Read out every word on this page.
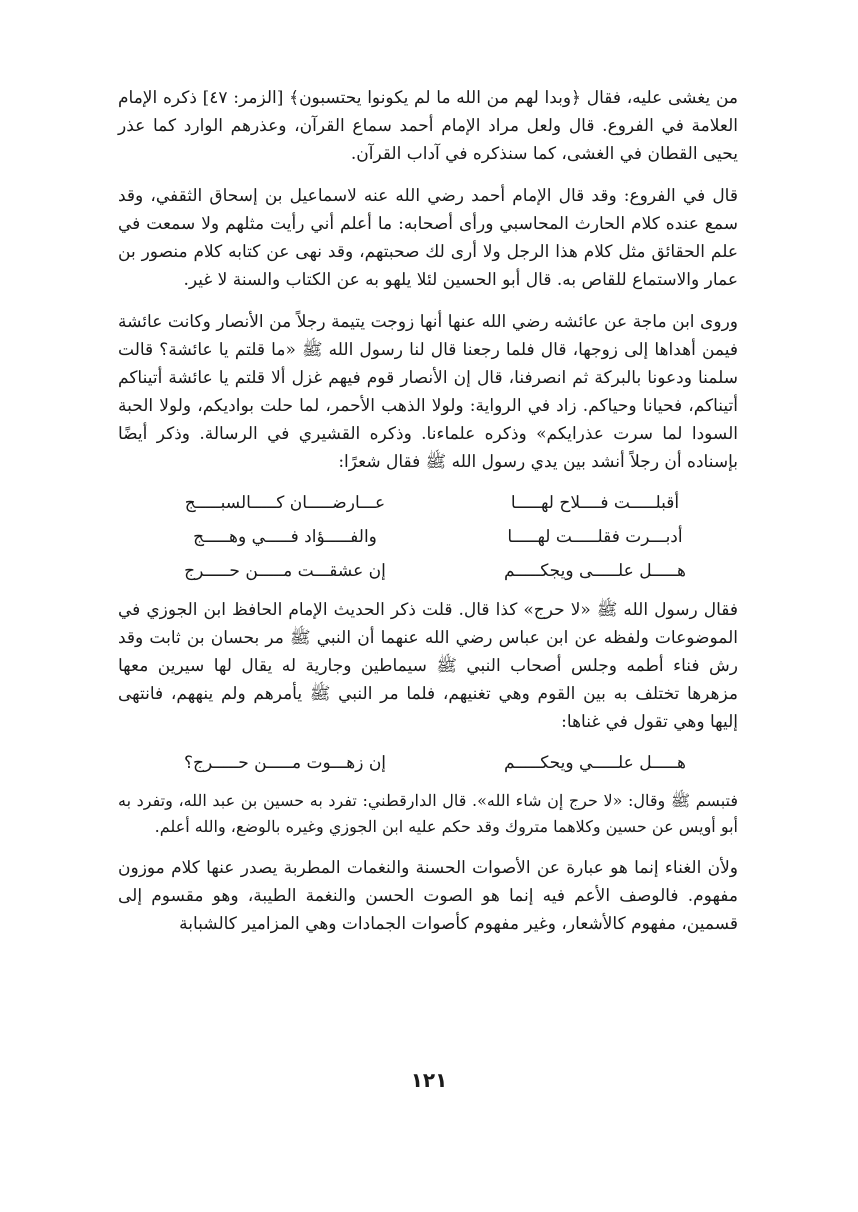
من يغشى عليه، فقال ﴿وبدا لهم من الله ما لم يكونوا يحتسبون﴾ [الزمر: ٤٧] ذكره الإمام العلامة في الفروع. قال ولعل مراد الإمام أحمد سماع القرآن، وعذرهم الوارد كما عذر يحيى القطان في الغشى، كما سنذكره في آداب القرآن.

قال في الفروع: وقد قال الإمام أحمد رضي الله عنه لاسماعيل بن إسحاق الثقفي، وقد سمع عنده كلام الحارث المحاسبي ورأى أصحابه: ما أعلم أني رأيت مثلهم ولا سمعت في علم الحقائق مثل كلام هذا الرجل ولا أرى لك صحبتهم، وقد نهى عن كتابه كلام منصور بن عمار والاستماع للقاص به. قال أبو الحسين لئلا يلهو به عن الكتاب والسنة لا غير.

وروى ابن ماجة عن عائشه رضي الله عنها أنها زوجت يتيمة رجلاً من الأنصار وكانت عائشة فيمن أهداها إلى زوجها، قال فلما رجعنا قال لنا رسول الله ﷺ «ما قلتم يا عائشة؟ قالت سلمنا ودعونا بالبركة ثم انصرفنا، قال إن الأنصار قوم فيهم غزل ألا قلتم يا عائشة أتيناكم أتيناكم، فحيانا وحياكم. زاد في الرواية: ولولا الذهب الأحمر، لما حلت بواديكم، ولولا الحبة السودا لما سرت عذرايكم» وذكره علماءنا. وذكره القشيري في الرسالة. وذكر أيضًا بإسناده أن رجلاً أنشد بين يدي رسول الله ﷺ فقال شعرًا:

أقبلـــــت فــــلاح لهـــــا
عـــارضـــــان كـــــالسبـــــج
أدبـــرت فقلـــــت لهـــــا
والفـــــؤاد فـــــي وهـــــج
هـــــل علـــــى ويجكـــــم
إن عشقـــت مـــــن حـــــرج

فقال رسول الله ﷺ «لا حرج» كذا قال. قلت ذكر الحديث الإمام الحافظ ابن الجوزي في الموضوعات ولفظه عن ابن عباس رضي الله عنهما أن النبي ﷺ مر بحسان بن ثابت وقد رش فناء أطمه وجلس أصحاب النبي ﷺ سيماطين وجارية له يقال لها سيرين معها مزهرها تختلف به بين القوم وهي تغنيهم، فلما مر النبي ﷺ يأمرهم ولم ينههم، فانتهى إليها وهي تقول في غناها:

هـــــل علـــــي ويحكـــــم
إن زهـــوت مـــــن حـــــرج؟

فتبسم ﷺ وقال: «لا حرج إن شاء الله». قال الدارقطني: تفرد به حسين بن عبد الله، وتفرد به أبو أويس عن حسين وكلاهما متروك وقد حكم عليه ابن الجوزي وغيره بالوضع، والله أعلم.

ولأن الغناء إنما هو عبارة عن الأصوات الحسنة والنغمات المطربة يصدر عنها كلام موزون مفهوم. فالوصف الأعم فيه إنما هو الصوت الحسن والنغمة الطيبة، وهو مقسوم إلى قسمين، مفهوم كالأشعار، وغير مفهوم كأصوات الجمادات وهي المزامير كالشبابة

١٢١
